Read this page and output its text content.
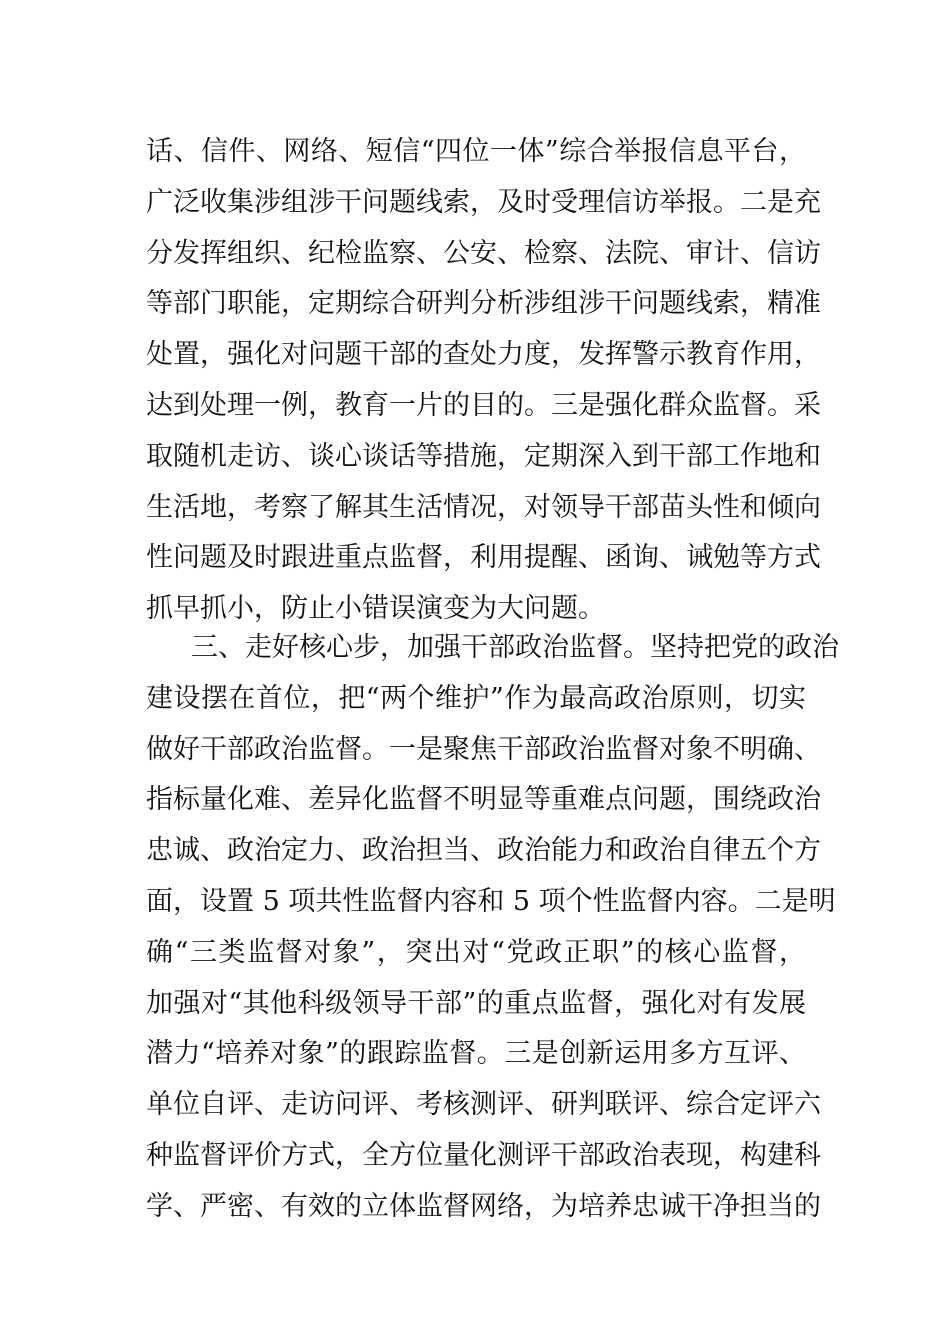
话、信件、网络、短信“四位一体”综合举报信息平台，
广泛收集涉组涉干问题线索，及时受理信访举报。二是充
分发挥组织、纪检监察、公安、检察、法院、审计、信访
等部门职能，定期综合研判分析涉组涉干问题线索，精准
处置，强化对问题干部的查处力度，发挥警示教育作用，
达到处理一例，教育一片的目的。三是强化群众监督。采
取随机走访、谈心谈话等措施，定期深入到干部工作地和
生活地，考察了解其生活情况，对领导干部苗头性和倾向
性问题及时跟进重点监督，利用提醒、函询、诫勉等方式
抓早抓小，防止小错误演变为大问题。
三、走好核心步，加强干部政治监督。坚持把党的政治
建设摆在首位，把“两个维护”作为最高政治原则，切实
做好干部政治监督。一是聚焦干部政治监督对象不明确、
指标量化难、差异化监督不明显等重难点问题，围绕政治
忠诚、政治定力、政治担当、政治能力和政治自律五个方
面，设置 5 项共性监督内容和 5 项个性监督内容。二是明
确“三类监督对象”，突出对“党政正职”的核心监督，
加强对“其他科级领导干部”的重点监督，强化对有发展
潜力“培养对象”的跟踪监督。三是创新运用多方互评、
单位自评、走访问评、考核测评、研判联评、综合定评六
种监督评价方式，全方位量化测评干部政治表现，构建科
学、严密、有效的立体监督网络，为培养忠诚干净担当的
